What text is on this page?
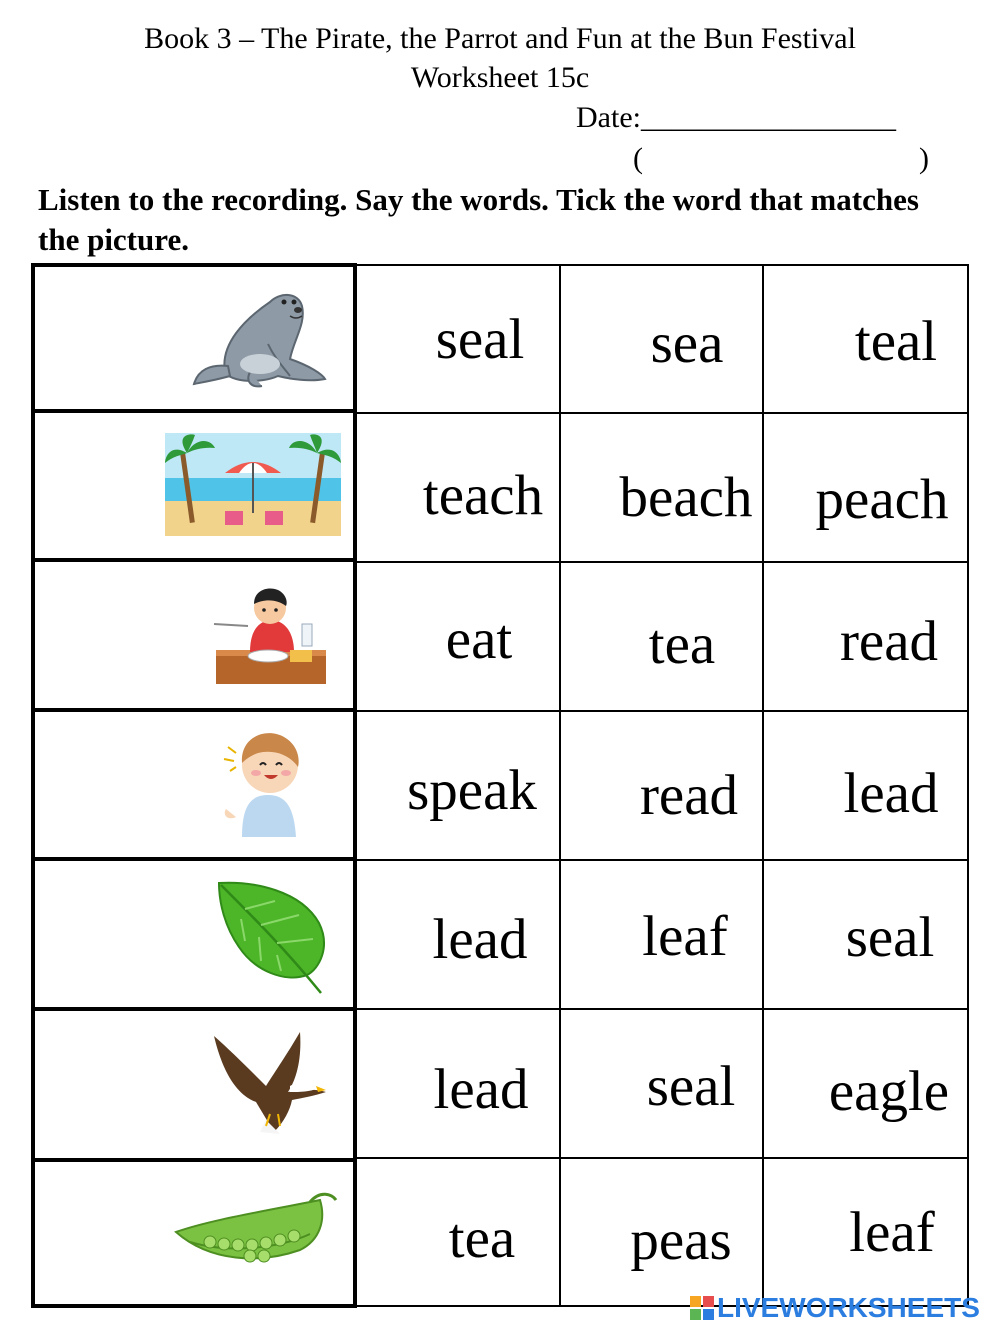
Book 3 – The Pirate, the Parrot and Fun at the Bun Festival
Worksheet 15c
Date:_________________
(	)
Listen to the recording. Say the words. Tick the word that matches the picture.
seal	sea	teal
teach	beach	peach
eat	tea	read
speak	read	lead
lead	leaf	seal
lead	seal	eagle
tea	peas	leaf
LIVEWORKSHEETS
